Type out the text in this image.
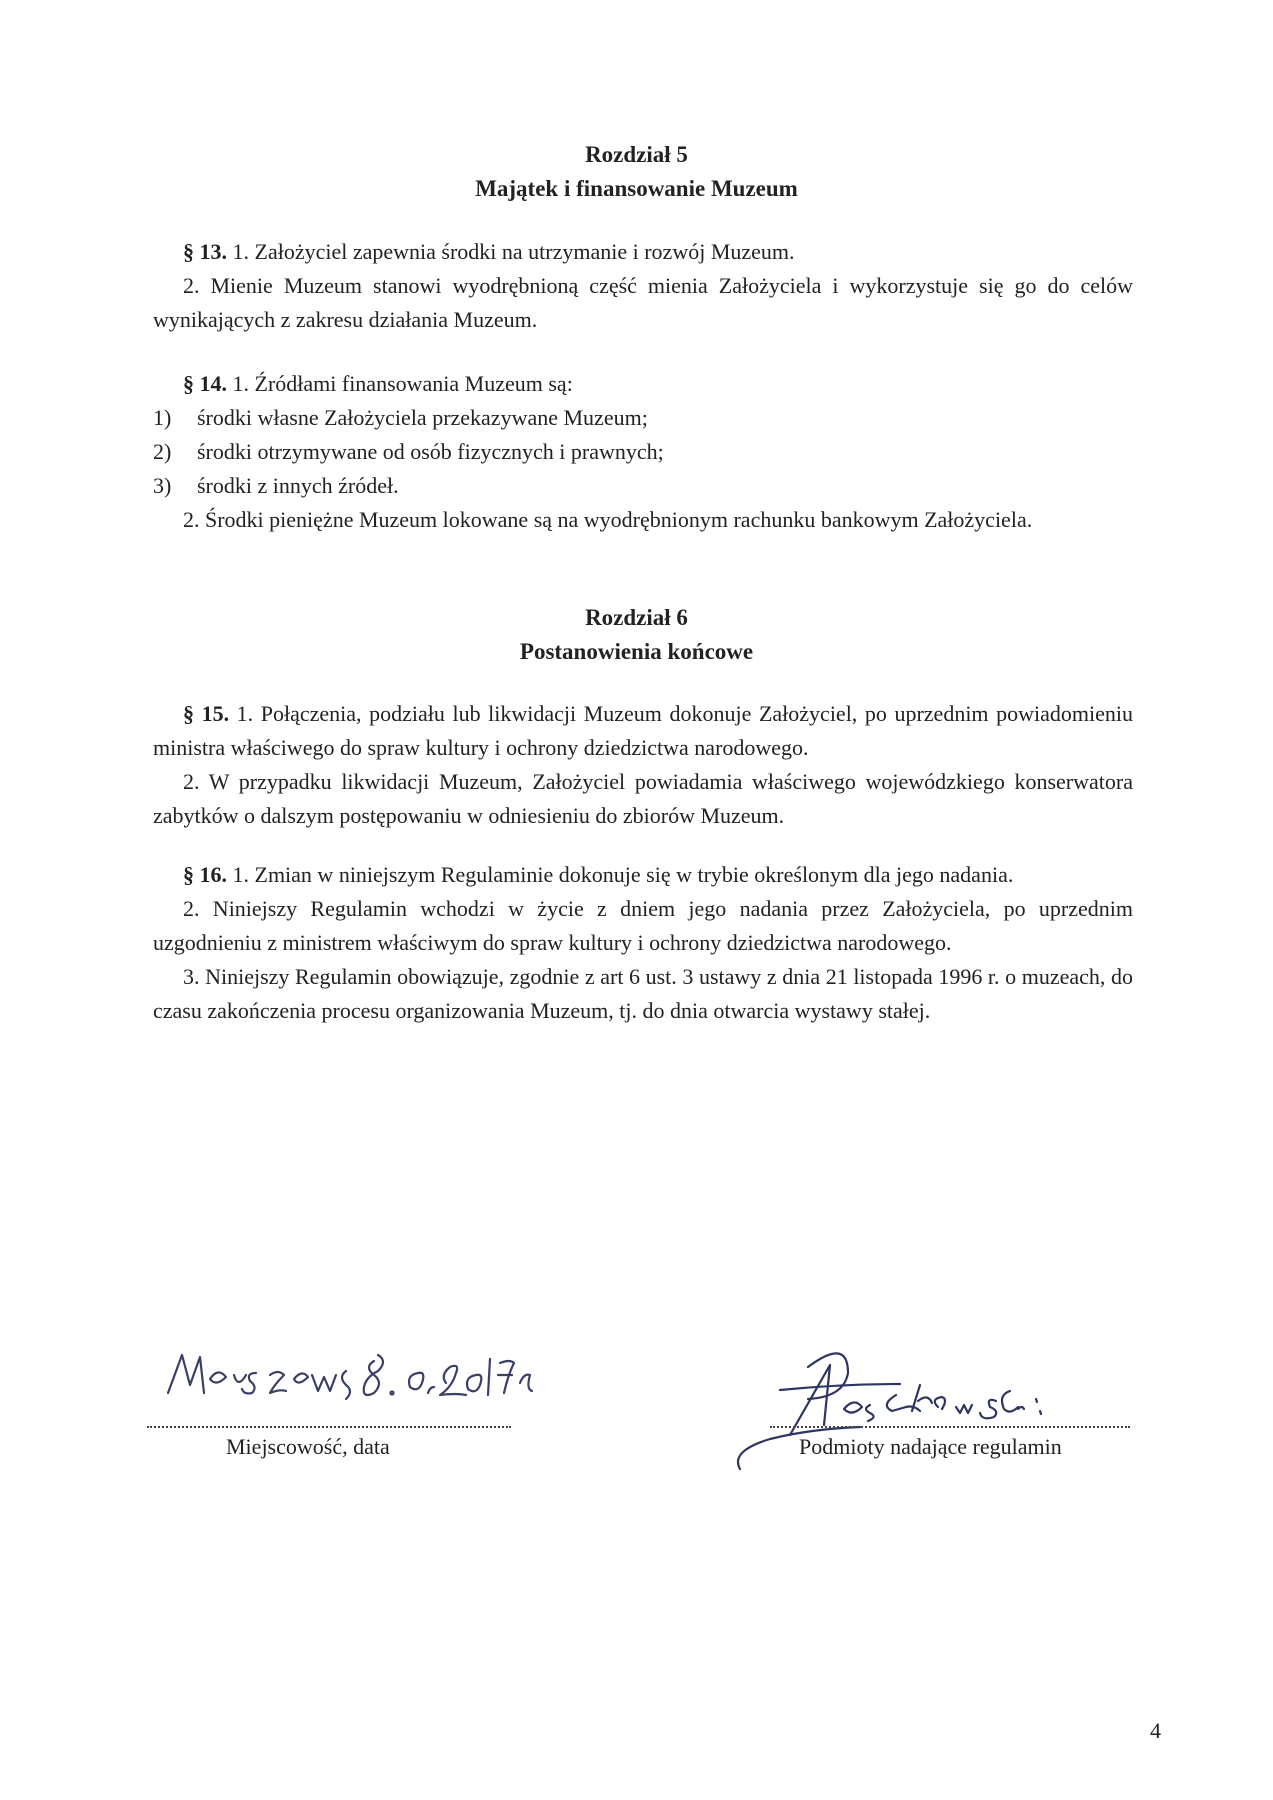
Rozdział 5
Majątek i finansowanie Muzeum

§ 13. 1. Założyciel zapewnia środki na utrzymanie i rozwój Muzeum.

2. Mienie Muzeum stanowi wyodrębnioną część mienia Założyciela i wykorzystuje się go do celów wynikających z zakresu działania Muzeum.

§ 14. 1. Źródłami finansowania Muzeum są:

1)	środki własne Założyciela przekazywane Muzeum;
2)	środki otrzymywane od osób fizycznych i prawnych;
3)	środki z innych źródeł.

2. Środki pieniężne Muzeum lokowane są na wyodrębnionym rachunku bankowym Założyciela.

Rozdział 6
Postanowienia końcowe

§ 15. 1. Połączenia, podziału lub likwidacji Muzeum dokonuje Założyciel, po uprzednim powiadomieniu ministra właściwego do spraw kultury i ochrony dziedzictwa narodowego.

2. W przypadku likwidacji Muzeum, Założyciel powiadamia właściwego wojewódzkiego konserwatora zabytków o dalszym postępowaniu w odniesieniu do zbiorów Muzeum.

§ 16. 1. Zmian w niniejszym Regulaminie dokonuje się w trybie określonym dla jego nadania.

2. Niniejszy Regulamin wchodzi w życie z dniem jego nadania przez Założyciela, po uprzednim uzgodnieniu z ministrem właściwym do spraw kultury i ochrony dziedzictwa narodowego.

3. Niniejszy Regulamin obowiązuje, zgodnie z art 6 ust. 3 ustawy z dnia 21 listopada 1996 r. o muzeach, do czasu zakończenia procesu organizowania Muzeum, tj. do dnia otwarcia wystawy stałej.

Miejscowość, data	Podmioty nadające regulamin
4
